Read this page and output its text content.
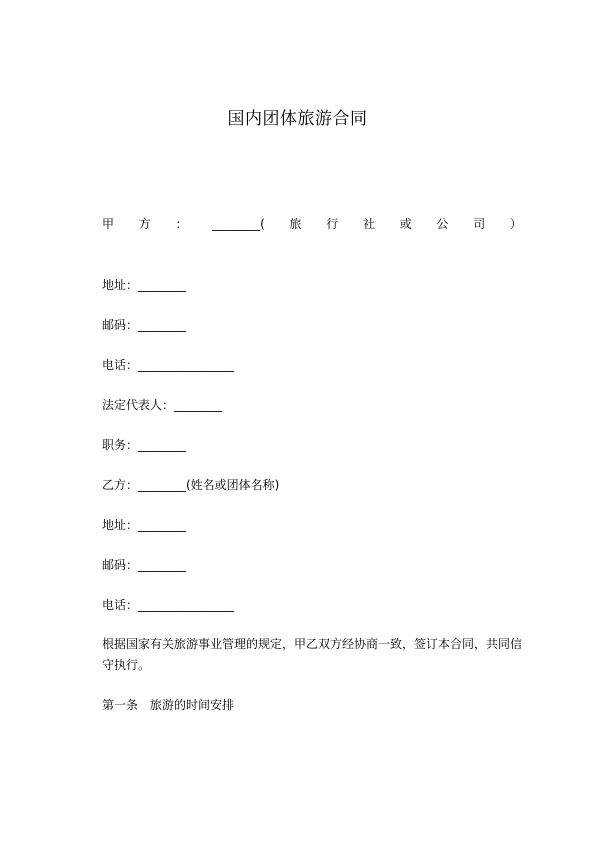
国内团体旅游合同
甲 方 ： ________( 旅 行 社 或 公 司 ）
地址：________
邮码：________
电话：________________
法定代表人：________
职务：________
乙方：________(姓名或团体名称)
地址：________
邮码：________
电话：________________
根据国家有关旅游事业管理的规定，甲乙双方经协商一致，签订本合同，共同信守执行。
第一条　旅游的时间安排
